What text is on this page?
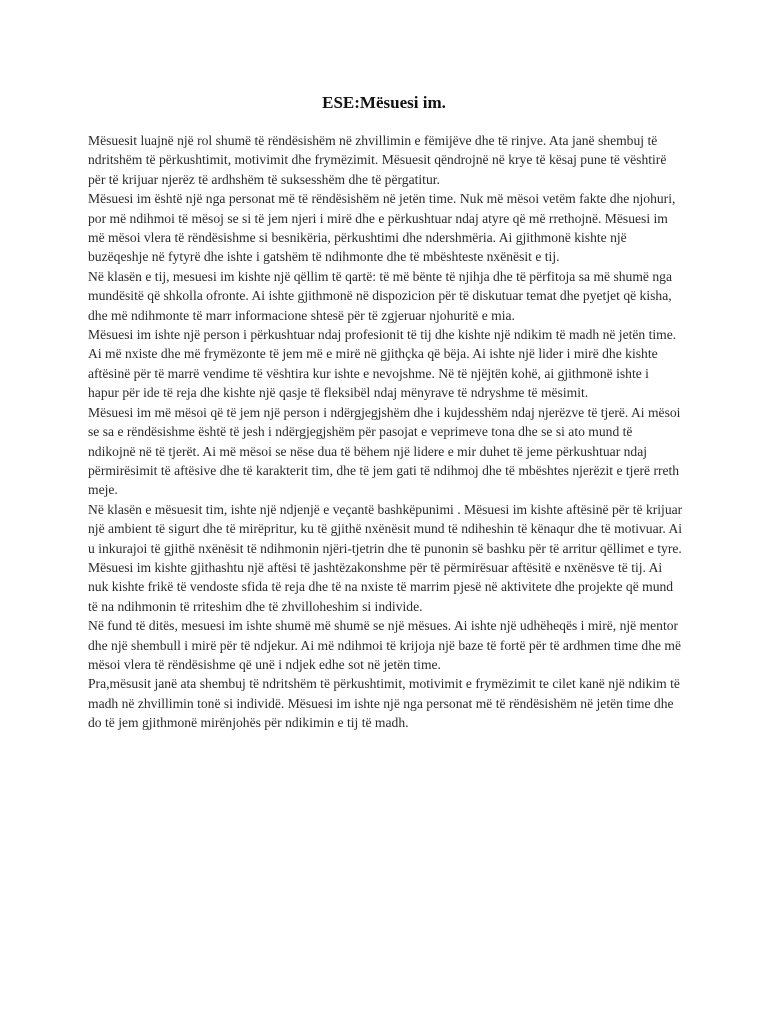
ESE:Mësuesi im.

Mësuesit luajnë një rol shumë të rëndësishëm në zhvillimin e fëmijëve dhe të rinjve. Ata janë shembuj të ndritshëm të përkushtimit, motivimit dhe frymëzimit. Mësuesit qëndrojnë në krye të kësaj pune të vështirë për të krijuar njerëz të ardhshëm të suksesshëm dhe të përgatitur.

Mësuesi im është një nga personat më të rëndësishëm në jetën time. Nuk më mësoi vetëm fakte dhe njohuri, por më ndihmoi të mësoj se si të jem njeri i mirë dhe e përkushtuar ndaj atyre që më rrethojnë. Mësuesi im më mësoi vlera të rëndësishme si besnikëria, përkushtimi dhe ndershmëria. Ai gjithmonë kishte një buzëqeshje në fytyrë dhe ishte i gatshëm të ndihmonte dhe të mbështeste nxënësit e tij.

Në klasën e tij, mesuesi im kishte një qëllim të qartë: të më bënte të njihja dhe të përfitoja sa më shumë nga mundësitë që shkolla ofronte. Ai ishte gjithmonë në dispozicion për të diskutuar temat dhe pyetjet që kisha, dhe më ndihmonte të marr informacione shtesë për të zgjeruar njohuritë e mia.

Mësuesi im ishte një person i përkushtuar ndaj profesionit të tij dhe kishte një ndikim të madh në jetën time. Ai më nxiste dhe më frymëzonte të jem më e mirë në gjithçka që bëja. Ai ishte një lider i mirë dhe kishte aftësinë për të marrë vendime të vështira kur ishte e nevojshme. Në të njëjtën kohë, ai gjithmonë ishte i hapur për ide të reja dhe kishte një qasje të fleksibël ndaj mënyrave të ndryshme të mësimit.

Mësuesi im më mësoi që të jem një person i ndërgjegjshëm dhe i kujdesshëm ndaj njerëzve të tjerë. Ai mësoi se sa e rëndësishme është të jesh i ndërgjegjshëm për pasojat e veprimeve tona dhe se si ato mund të ndikojnë në të tjerët. Ai më mësoi se nëse dua të bëhem një lidere e mir duhet të jeme përkushtuar ndaj përmirësimit të aftësive dhe të karakterit tim, dhe të jem gati të ndihmoj dhe të mbështes njerëzit e tjerë rreth meje.

Në klasën e mësuesit tim, ishte një ndjenjë e veçantë bashkëpunimi . Mësuesi im kishte aftësinë për të krijuar një ambient të sigurt dhe të mirëpritur, ku të gjithë nxënësit mund të ndiheshin të kënaqur dhe të motivuar. Ai u inkurajoi të gjithë nxënësit të ndihmonin njëri-tjetrin dhe të punonin së bashku për të arritur qëllimet e tyre.

Mësuesi im kishte gjithashtu një aftësi të jashtëzakonshme për të përmirësuar aftësitë e nxënësve të tij. Ai nuk kishte frikë të vendoste sfida të reja dhe të na nxiste të marrim pjesë në aktivitete dhe projekte që mund të na ndihmonin të rriteshim dhe të zhvilloheshim si individe.

Në fund të ditës, mesuesi im ishte shumë më shumë se një mësues. Ai ishte një udhëheqës i mirë, një mentor dhe një shembull i mirë për të ndjekur. Ai më ndihmoi të krijoja një baze të fortë për të ardhmen time dhe më mësoi vlera të rëndësishme që unë i ndjek edhe sot në jetën time.

Pra,mësusit janë ata shembuj të ndritshëm të përkushtimit, motivimit e frymëzimit te cilet kanë një ndikim të madh në zhvillimin tonë si individë. Mësuesi im ishte një nga personat më të rëndësishëm në jetën time dhe do të jem gjithmonë mirënjohës për ndikimin e tij të madh.
